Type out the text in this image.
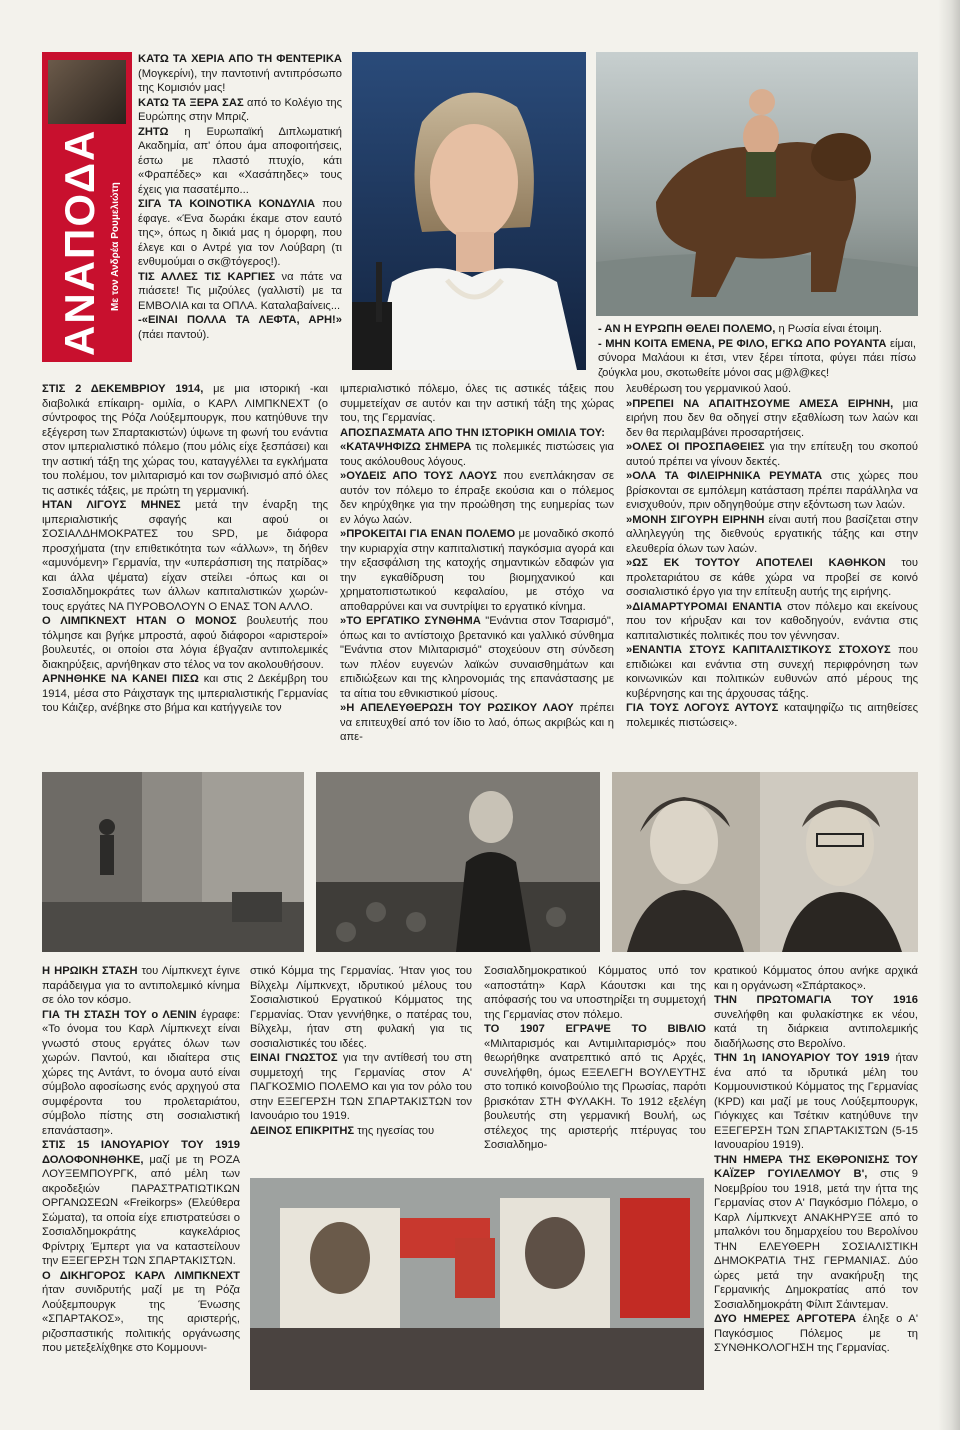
ΑΝΑΠΟΔΑ Με τον Ανδρέα Ρουμελιώτη

ΚΑΤΩ ΤΑ ΧΕΡΙΑ ΑΠΟ ΤΗ ΦΕΝΤΕΡΙΚΑ (Μογκερίνι), την παντοτινή αντιπρόσωπο της Κομισιόν μας!

ΚΑΤΩ ΤΑ ΞΕΡΑ ΣΑΣ από το Κολέγιο της Ευρώπης στην Μπριζ.

ΖΗΤΩ η Ευρωπαϊκή Διπλωματική Ακαδημία, απ' όπου άμα αποφοιτήσεις, έστω με πλαστό πτυχίο, κάτι «Φραπέδες» και «Χασάπηδες» τους έχεις για πασατέμπο...

ΣΙΓΑ ΤΑ ΚΟΙΝΟΤΙΚΑ ΚΟΝΔΥΛΙΑ που έφαγε. «Ένα δωράκι έκαμε στον εαυτό της», όπως η δικιά μας η όμορφη, που έλεγε και ο Αντρέ για τον Λούβαρη (τι ενθυμούμαι ο σκ@τόγερος!).

ΤΙΣ ΑΛΛΕΣ ΤΙΣ ΚΑΡΓΙΕΣ να πάτε να πιάσετε! Τις μιζούλες (γαλλιστί) με τα ΕΜΒΟΛΙΑ και τα ΟΠΛΑ. Καταλαβαίνεις...

-«ΕΙΝΑΙ ΠΟΛΛΑ ΤΑ ΛΕΦΤΑ, ΑΡΗ!» (πάει παντού).	- ΑΝ Η ΕΥΡΩΠΗ ΘΕΛΕΙ ΠΟΛΕΜΟ, η Ρωσία είναι έτοιμη.

- ΜΗΝ ΚΟΙΤΑ ΕΜΕΝΑ, ΡΕ ΦΙΛΟ, ΕΓΚΩ ΑΠΟ ΡΟΥΑΝΤΑ είμαι, σύνορα Μαλάουι κι έτσι, ντεν ξέρει τίποτα, φύγει πάει πίσω ζούγκλα μου, σκοτωθείτε μόνοι σας μ@λ@κες!

ΣΤΙΣ 2 ΔΕΚΕΜΒΡΙΟΥ 1914, με μια ιστορική -και διαβολικά επίκαιρη- ομιλία, ο ΚΑΡΛ ΛΙΜΠΚΝΕΧΤ (ο σύντροφος της Ρόζα Λούξεμπουργκ, που κατηύθυνε την εξέγερση των Σπαρτακιστών) ύψωνε τη φωνή του ενάντια στον ιμπεριαλιστικό πόλεμο (που μόλις είχε ξεσπάσει) και την αστική τάξη της χώρας του, καταγγέλλει τα εγκλήματα του πολέμου, τον μιλιταρισμό και τον σωβινισμό από όλες τις αστικές τάξεις, με πρώτη τη γερμανική.

ΗΤΑΝ ΛΙΓΟΥΣ ΜΗΝΕΣ μετά την έναρξη της ιμπεριαλιστικής σφαγής και αφού οι ΣΟΣΙΑΛΔΗΜΟΚΡΑΤΕΣ του SPD, με διάφορα προσχήματα (την επιθετικότητα των «άλλων», τη δήθεν «αμυνόμενη» Γερμανία, την «υπεράσπιση της πατρίδας» και άλλα ψέματα) είχαν στείλει -όπως και οι Σοσιαλδημοκράτες των άλλων καπιταλιστικών χωρών- τους εργάτες ΝΑ ΠΥΡΟΒΟΛΟΥΝ Ο ΕΝΑΣ ΤΟΝ ΑΛΛΟ.

Ο ΛΙΜΠΚΝΕΧΤ ΗΤΑΝ Ο ΜΟΝΟΣ βουλευτής που τόλμησε και βγήκε μπροστά, αφού διάφοροι «αριστεροί» βουλευτές, οι οποίοι στα λόγια έβγαζαν αντιπολεμικές διακηρύξεις, αρνήθηκαν στο τέλος να τον ακολουθήσουν.

ΑΡΝΗΘΗΚΕ ΝΑ ΚΑΝΕΙ ΠΙΣΩ και στις 2 Δεκέμβρη του 1914, μέσα στο Ράιχσταγκ της ιμπεριαλιστικής Γερμανίας του Κάιζερ, ανέβηκε στο βήμα και κατήγγειλε τον

ιμπεριαλιστικό πόλεμο, όλες τις αστικές τάξεις που συμμετείχαν σε αυτόν και την αστική τάξη της χώρας του, της Γερμανίας.

ΑΠΟΣΠΑΣΜΑΤΑ ΑΠΟ ΤΗΝ ΙΣΤΟΡΙΚΗ ΟΜΙΛΙΑ ΤΟΥ:

«ΚΑΤΑΨΗΦΙΖΩ ΣΗΜΕΡΑ τις πολεμικές πιστώσεις για τους ακόλουθους λόγους.

»ΟΥΔΕΙΣ ΑΠΟ ΤΟΥΣ ΛΑΟΥΣ που ενεπλάκησαν σε αυτόν τον πόλεμο το έπραξε εκούσια και ο πόλεμος δεν κηρύχθηκε για την προώθηση της ευημερίας των εν λόγω λαών.

»ΠΡΟΚΕΙΤΑΙ ΓΙΑ ΕΝΑΝ ΠΟΛΕΜΟ με μοναδικό σκοπό την κυριαρχία στην καπιταλιστική παγκόσμια αγορά και την εξασφάλιση της κατοχής σημαντικών εδαφών για την εγκαθίδρυση του βιομηχανικού και χρηματοπιστωτικού κεφαλαίου, με στόχο να αποθαρρύνει και να συντρίψει το εργατικό κίνημα.

»ΤΟ ΕΡΓΑΤΙΚΟ ΣΥΝΘΗΜΑ "Ενάντια στον Τσαρισμό", όπως και το αντίστοιχο βρετανικό και γαλλικό σύνθημα "Ενάντια στον Μιλιταρισμό" στοχεύουν στη σύνδεση των πλέον ευγενών λαϊκών συναισθημάτων και επιδιώξεων και της κληρονομιάς της επανάστασης με τα αίτια του εθνικιστικού μίσους.

»Η ΑΠΕΛΕΥΘΕΡΩΣΗ ΤΟΥ ΡΩΣΙΚΟΥ ΛΑΟΥ πρέπει να επιτευχθεί από τον ίδιο το λαό, όπως ακριβώς και η απε-

λευθέρωση του γερμανικού λαού.

»ΠΡΕΠΕΙ ΝΑ ΑΠΑΙΤΗΣΟΥΜΕ ΑΜΕΣΑ ΕΙΡΗΝΗ, μια ειρήνη που δεν θα οδηγεί στην εξαθλίωση των λαών και δεν θα περιλαμβάνει προσαρτήσεις.

»ΟΛΕΣ ΟΙ ΠΡΟΣΠΑΘΕΙΕΣ για την επίτευξη του σκοπού αυτού πρέπει να γίνουν δεκτές.

»ΟΛΑ ΤΑ ΦΙΛΕΙΡΗΝΙΚΑ ΡΕΥΜΑΤΑ στις χώρες που βρίσκονται σε εμπόλεμη κατάσταση πρέπει παράλληλα να ενισχυθούν, πριν οδηγηθούμε στην εξόντωση των λαών.

»ΜΟΝΗ ΣΙΓΟΥΡΗ ΕΙΡΗΝΗ είναι αυτή που βασίζεται στην αλληλεγγύη της διεθνούς εργατικής τάξης και στην ελευθερία όλων των λαών.

»ΩΣ ΕΚ ΤΟΥΤΟΥ ΑΠΟΤΕΛΕΙ ΚΑΘΗΚΟΝ του προλεταριάτου σε κάθε χώρα να προβεί σε κοινό σοσιαλιστικό έργο για την επίτευξη αυτής της ειρήνης.

»ΔΙΑΜΑΡΤΥΡΟΜΑΙ ΕΝΑΝΤΙΑ στον πόλεμο και εκείνους που τον κήρυξαν και τον καθοδηγούν, ενάντια στις καπιταλιστικές πολιτικές που τον γέννησαν.

»ΕΝΑΝΤΙΑ ΣΤΟΥΣ ΚΑΠΙΤΑΛΙΣΤΙΚΟΥΣ ΣΤΟΧΟΥΣ που επιδιώκει και ενάντια στη συνεχή περιφρόνηση των κοινωνικών και πολιτικών ευθυνών από μέρους της κυβέρνησης και της άρχουσας τάξης.

ΓΙΑ ΤΟΥΣ ΛΟΓΟΥΣ ΑΥΤΟΥΣ καταψηφίζω τις αιτηθείσες πολεμικές πιστώσεις».

Η ΗΡΩΙΚΗ ΣΤΑΣΗ του Λίμπκνεχτ έγινε παράδειγμα για το αντιπολεμικό κίνημα σε όλο τον κόσμο.

ΓΙΑ ΤΗ ΣΤΑΣΗ ΤΟΥ ο ΛΕΝΙΝ έγραφε: «Το όνομα του Καρλ Λίμπκνεχτ είναι γνωστό στους εργάτες όλων των χωρών. Παντού, και ιδιαίτερα στις χώρες της Αντάντ, το όνομα αυτό είναι σύμβολο αφοσίωσης ενός αρχηγού στα συμφέροντα του προλεταριάτου, σύμβολο πίστης στη σοσιαλιστική επανάσταση».

ΣΤΙΣ 15 ΙΑΝΟΥΑΡΙΟΥ ΤΟΥ 1919 ΔΟΛΟΦΟΝΗΘΗΚΕ, μαζί με τη ΡΟΖΑ ΛΟΥΞΕΜΠΟΥΡΓΚ, από μέλη των ακροδεξιών ΠΑΡΑΣΤΡΑΤΙΩΤΙΚΩΝ ΟΡΓΑΝΩΣΕΩΝ «Freikorps» (Ελεύθερα Σώματα), τα οποία είχε επιστρατεύσει ο Σοσιαλδημοκράτης καγκελάριος Φρίντριχ Έμπερτ για να καταστείλουν την ΕΞΕΓΕΡΣΗ ΤΩΝ ΣΠΑΡΤΑΚΙΣΤΩΝ.

Ο ΔΙΚΗΓΟΡΟΣ ΚΑΡΛ ΛΙΜΠΚΝΕΧΤ ήταν συνιδρυτής μαζί με τη Ρόζα Λούξεμπουργκ της Ένωσης «ΣΠΑΡΤΑΚΟΣ», της αριστερής, ριζοσπαστικής πολιτικής οργάνωσης που μετεξελίχθηκε στο Κομμουνι-

στικό Κόμμα της Γερμανίας. Ήταν γιος του Βίλχελμ Λίμπκνεχτ, ιδρυτικού μέλους του Σοσιαλιστικού Εργατικού Κόμματος της Γερμανίας. Όταν γεννήθηκε, ο πατέρας του, Βίλχελμ, ήταν στη φυλακή για τις σοσιαλιστικές του ιδέες.

ΕΙΝΑΙ ΓΝΩΣΤΟΣ για την αντίθεσή του στη συμμετοχή της Γερμανίας στον Α' ΠΑΓΚΟΣΜΙΟ ΠΟΛΕΜΟ και για τον ρόλο του στην ΕΞΕΓΕΡΣΗ ΤΩΝ ΣΠΑΡΤΑΚΙΣΤΩΝ τον Ιανουάριο του 1919.

ΔΕΙΝΟΣ ΕΠΙΚΡΙΤΗΣ της ηγεσίας του

Σοσιαλδημοκρατικού Κόμματος υπό τον «αποστάτη» Καρλ Κάουτσκι και της απόφασής του να υποστηρίξει τη συμμετοχή της Γερμανίας στον πόλεμο.

ΤΟ 1907 ΕΓΡΑΨΕ ΤΟ ΒΙΒΛΙΟ «Μιλιταρισμός και Αντιμιλιταρισμός» που θεωρήθηκε ανατρεπτικό από τις Αρχές, συνελήφθη, όμως ΕΞΕΛΕΓΗ ΒΟΥΛΕΥΤΗΣ στο τοπικό κοινοβούλιο της Πρωσίας, παρότι βρισκόταν ΣΤΗ ΦΥΛΑΚΗ. Το 1912 εξελέγη βουλευτής στη γερμανική Βουλή, ως στέλεχος της αριστερής πτέρυγας του Σοσιαλδημο-

κρατικού Κόμματος όπου ανήκε αρχικά και η οργάνωση «Σπάρτακος».

ΤΗΝ ΠΡΩΤΟΜΑΓΙΑ ΤΟΥ 1916 συνελήφθη και φυλακίστηκε εκ νέου, κατά τη διάρκεια αντιπολεμικής διαδήλωσης στο Βερολίνο.

ΤΗΝ 1η ΙΑΝΟΥΑΡΙΟΥ ΤΟΥ 1919 ήταν ένα από τα ιδρυτικά μέλη του Κομμουνιστικού Κόμματος της Γερμανίας (KPD) και μαζί με τους Λούξεμπουργκ, Γιόγκιχες και Τσέτκιν κατηύθυνε την ΕΞΕΓΕΡΣΗ ΤΩΝ ΣΠΑΡΤΑΚΙΣΤΩΝ (5-15 Ιανουαρίου 1919).

ΤΗΝ ΗΜΕΡΑ ΤΗΣ ΕΚΘΡΟΝΙΣΗΣ ΤΟΥ ΚΑΪΖΕΡ ΓΟΥΙΛΕΛΜΟΥ Β', στις 9 Νοεμβρίου του 1918, μετά την ήττα της Γερμανίας στον Α' Παγκόσμιο Πόλεμο, ο Καρλ Λίμπκνεχτ ΑΝΑΚΗΡΥΞΕ από το μπαλκόνι του δημαρχείου του Βερολίνου ΤΗΝ ΕΛΕΥΘΕΡΗ ΣΟΣΙΑΛΙΣΤΙΚΗ ΔΗΜΟΚΡΑΤΙΑ ΤΗΣ ΓΕΡΜΑΝΙΑΣ. Δύο ώρες μετά την ανακήρυξη της Γερμανικής Δημοκρατίας από τον Σοσιαλδημοκράτη Φίλιπ Σάιντεμαν.

ΔΥΟ ΗΜΕΡΕΣ ΑΡΓΟΤΕΡΑ έληξε ο Α' Παγκόσμιος Πόλεμος με τη ΣΥΝΘΗΚΟΛΟΓΗΣΗ της Γερμανίας.
